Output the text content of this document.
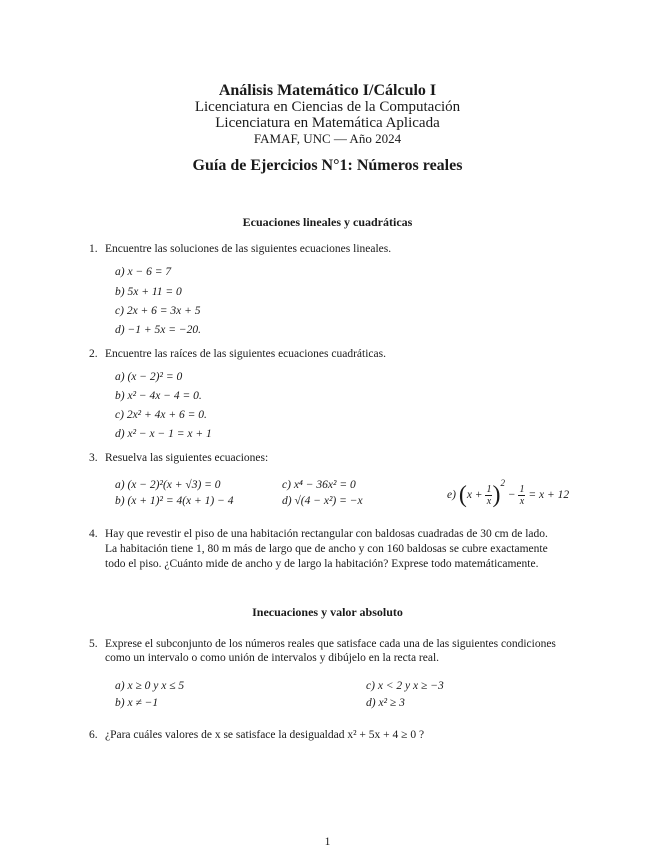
Análisis Matemático I/Cálculo I
Licenciatura en Ciencias de la Computación
Licenciatura en Matemática Aplicada
FAMAF, UNC — Año 2024
Guía de Ejercicios N°1: Números reales
Ecuaciones lineales y cuadráticas
1. Encuentre las soluciones de las siguientes ecuaciones lineales.
a) x − 6 = 7
b) 5x + 11 = 0
c) 2x + 6 = 3x + 5
d) −1 + 5x = −20.
2. Encuentre las raíces de las siguientes ecuaciones cuadráticas.
a) (x − 2)² = 0
b) x² − 4x − 4 = 0.
c) 2x² + 4x + 6 = 0.
d) x² − x − 1 = x + 1
3. Resuelva las siguientes ecuaciones:
a) (x − 2)²(x + √3) = 0
b) (x + 1)² = 4(x + 1) − 4
c) x⁴ − 36x² = 0
d) √(4 − x²) = −x	e) $(x + \frac{1}{x} )^2 - \frac{1}{x} = x + 12$
4. Hay que revestir el piso de una habitación rectangular con baldosas cuadradas de 30 cm de lado.
La habitación tiene 1, 80 m más de largo que de ancho y con 160 baldosas se cubre exactamente
todo el piso. ¿Cuánto mide de ancho y de largo la habitación? Exprese todo matemáticamente.
Inecuaciones y valor absoluto
5. Exprese el subconjunto de los números reales que satisface cada una de las siguientes condiciones
como un intervalo o como unión de intervalos y dibújelo en la recta real.
a) x ≥ 0 y x ≤ 5
b) x ≠ −1
c) x < 2 y x ≥ −3
d) x² ≥ 3
6. ¿Para cuáles valores de x se satisface la desigualdad x² + 5x + 4 ≥ 0 ?
1
